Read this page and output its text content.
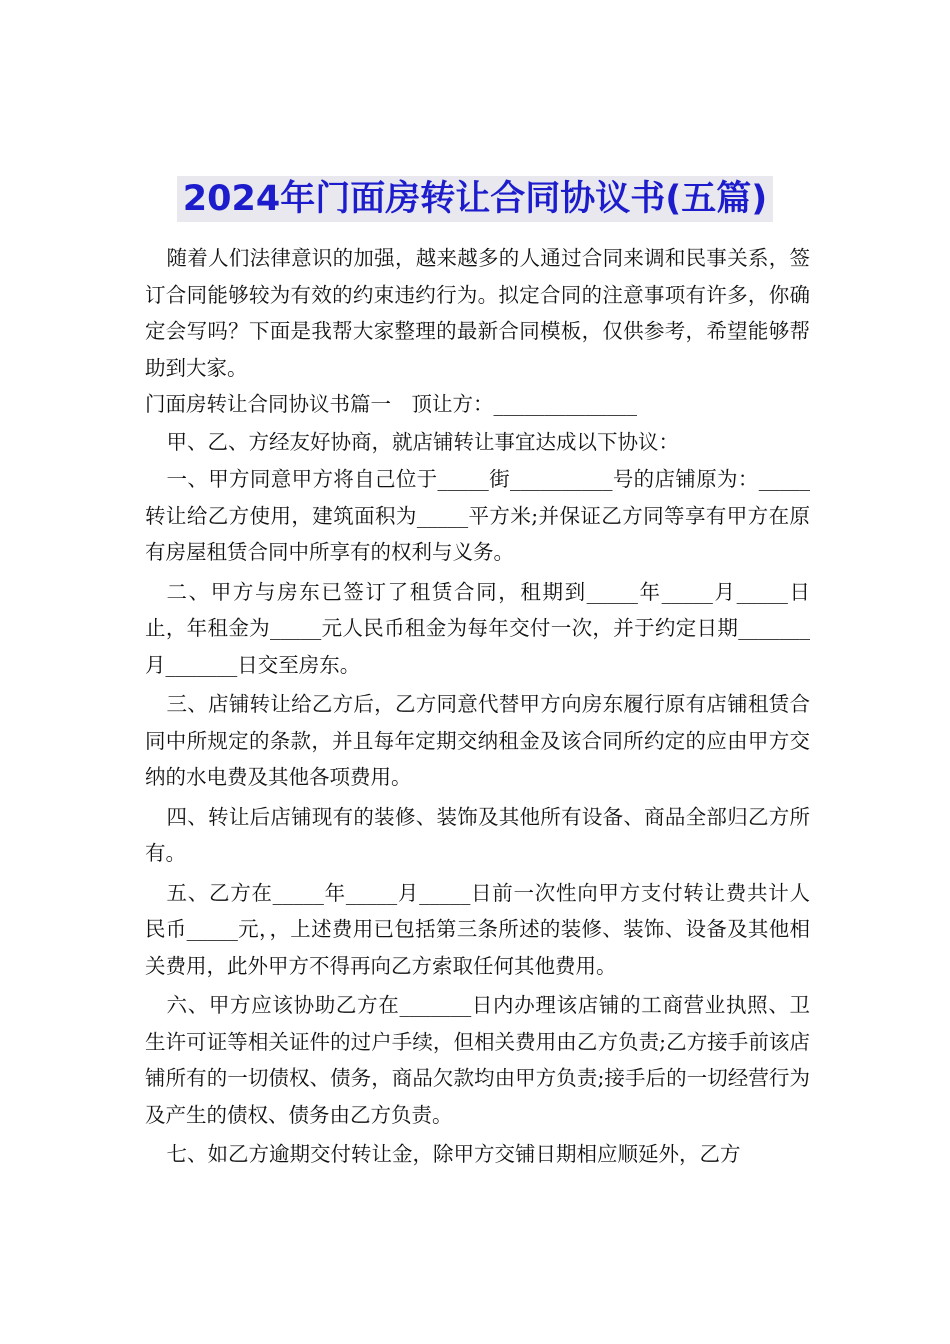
2024年门面房转让合同协议书(五篇)

随着人们法律意识的加强，越来越多的人通过合同来调和民事关系，签订合同能够较为有效的约束违约行为。拟定合同的注意事项有许多，你确定会写吗？下面是我帮大家整理的最新合同模板，仅供参考，希望能够帮助到大家。

门面房转让合同协议书篇一　顶让方：______________

甲、乙、方经友好协商，就店铺转让事宜达成以下协议：

一、甲方同意甲方将自己位于_____街__________号的店铺原为：_____转让给乙方使用，建筑面积为_____平方米;并保证乙方同等享有甲方在原有房屋租赁合同中所享有的权利与义务。

二、甲方与房东已签订了租赁合同，租期到_____年_____月_____日止，年租金为_____元人民币租金为每年交付一次，并于约定日期_______月_______日交至房东。

三、店铺转让给乙方后，乙方同意代替甲方向房东履行原有店铺租赁合同中所规定的条款，并且每年定期交纳租金及该合同所约定的应由甲方交纳的水电费及其他各项费用。

四、转让后店铺现有的装修、装饰及其他所有设备、商品全部归乙方所有。

五、乙方在_____年_____月_____日前一次性向甲方支付转让费共计人民币_____元，，上述费用已包括第三条所述的装修、装饰、设备及其他相关费用，此外甲方不得再向乙方索取任何其他费用。

六、甲方应该协助乙方在_______日内办理该店铺的工商营业执照、卫生许可证等相关证件的过户手续，但相关费用由乙方负责;乙方接手前该店铺所有的一切债权、债务，商品欠款均由甲方负责;接手后的一切经营行为及产生的债权、债务由乙方负责。

七、如乙方逾期交付转让金，除甲方交铺日期相应顺延外，乙方
